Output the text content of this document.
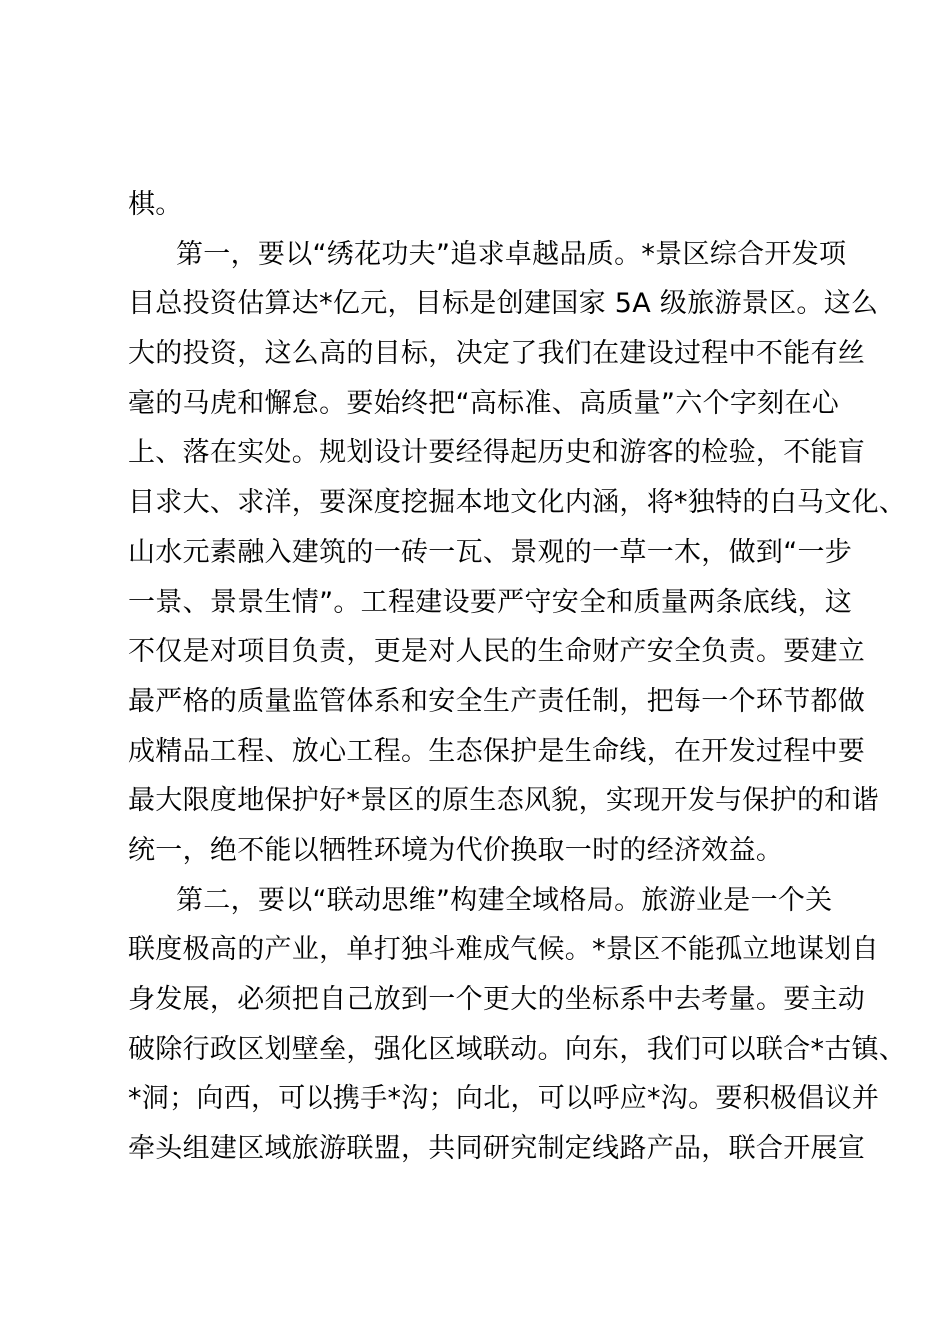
棋。
第一，要以“绣花功夫”追求卓越品质。*景区综合开发项
目总投资估算达*亿元，目标是创建国家 5A 级旅游景区。这么
大的投资，这么高的目标，决定了我们在建设过程中不能有丝
毫的马虎和懈怠。要始终把“高标准、高质量”六个字刻在心
上、落在实处。规划设计要经得起历史和游客的检验，不能盲
目求大、求洋，要深度挖掘本地文化内涵，将*独特的白马文化、
山水元素融入建筑的一砖一瓦、景观的一草一木，做到“一步
一景、景景生情”。工程建设要严守安全和质量两条底线，这
不仅是对项目负责，更是对人民的生命财产安全负责。要建立
最严格的质量监管体系和安全生产责任制，把每一个环节都做
成精品工程、放心工程。生态保护是生命线，在开发过程中要
最大限度地保护好*景区的原生态风貌，实现开发与保护的和谐
统一，绝不能以牺牲环境为代价换取一时的经济效益。
第二，要以“联动思维”构建全域格局。旅游业是一个关
联度极高的产业，单打独斗难成气候。*景区不能孤立地谋划自
身发展，必须把自己放到一个更大的坐标系中去考量。要主动
破除行政区划壁垒，强化区域联动。向东，我们可以联合*古镇、
*洞；向西，可以携手*沟；向北，可以呼应*沟。要积极倡议并
牵头组建区域旅游联盟，共同研究制定线路产品，联合开展宣
